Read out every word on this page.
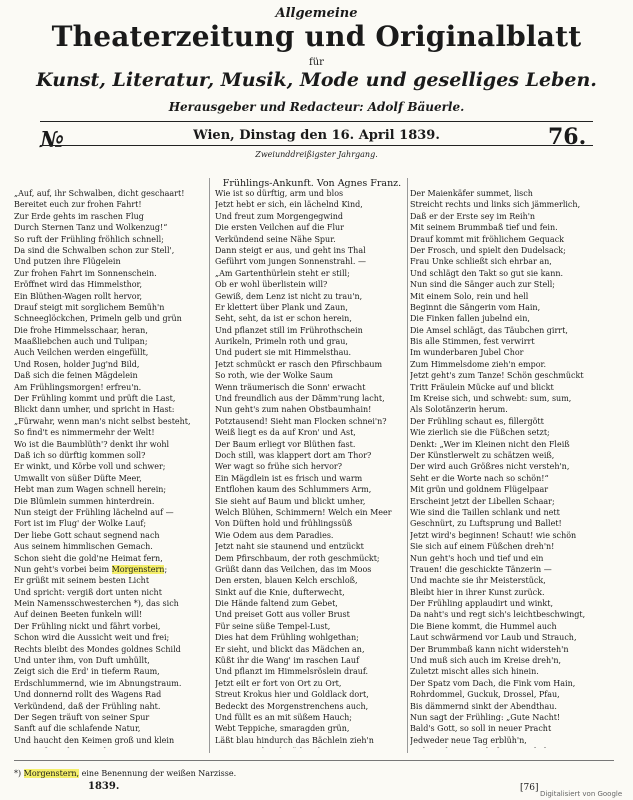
Allgemeine
Theaterzeitung und Originalblatt
für
Kunst, Literatur, Musik, Mode und geselliges Leben.
Herausgeber und Redacteur: Adolf Bäuerle.
№	Wien, Dinstag den 16. April 1839.	76.
Zweiunddreißigster Jahrgang.
Frühlings-Ankunft. Von Agnes Franz.
„Auf, auf, ihr Schwalben, dicht geschaart!
Bereitet euch zur frohen Fahrt!
Zur Erde gehts im raschen Flug
Durch Sternen Tanz und Wolkenzug!“
So ruft der Frühling fröhlich schnell;
Da sind die Schwalben schon zur Stell',
Und putzen ihre Flügelein
Zur frohen Fahrt im Sonnenschein.
Eröffnet wird das Himmelsthor,
Ein Blüthen-Wagen rollt hervor,
Drauf steigt mit sorglichem Bemüh'n
Schneeglöckchen, Primeln gelb und grün
Die frohe Himmelsschaar, heran,
Maaßliebchen auch und Tulipan;
Auch Veilchen werden eingefüllt,
Und Rosen, holder Jug'nd Bild,
Daß sich die feinen Mägdelein
Am Frühlingsmorgen! erfreu'n.
Der Frühling kommt und prüft die Last,
Blickt dann umher, und spricht in Hast:
„Fürwahr, wenn man's nicht selbst besteht,
So find't es nimmermehr der Welt!
Wo ist die Baumblüth'? denkt ihr wohl
Daß ich so dürftig kommen soll?
Er winkt, und Körbe voll und schwer;
Umwallt von süßer Düfte Meer,
Hebt man zum Wagen schnell herein;
Die Blümlein summen hinterdrein.
Nun steigt der Frühling lächelnd auf —
Fort ist im Flug' der Wolke Lauf;
Der liebe Gott schaut segnend nach
Aus seinem himmlischen Gemach.
Schon sieht die gold'ne Heimat fern,
Nun geht's vorbei beim Morgenstern;
Er grüßt mit seinem besten Licht
Und spricht: vergiß dort unten nicht
Mein Namensschwesterchen *), das sich
Auf deinen Beeten funkeln will!
Der Frühling nickt und fährt vorbei,
Schon wird die Aussicht weit und frei;
Rechts bleibt des Mondes goldnes Schild
Und unter ihm, von Duft umhüllt,
Zeigt sich die Erd' in tieferm Raum,
Erdschlummernd, wie im Abnungstraum.
Und donnernd rollt des Wagens Rad
Verkündend, daß der Frühling naht.
Der Segen träuft von seiner Spur
Sanft auf die schlafende Natur,
Und haucht den Keimen groß und klein
Wie ist so dürftig, arm und blos
Jetzt hebt er sich, ein lächelnd Kind,
Und freut zum Morgengegwind
Die ersten Veilchen auf die Flur
Verkündend seine Nähe Spur.
Dann steigt er aus, und geht ins Thal
Geführt vom jungen Sonnenstrahl. —
„Am Gartenthürlein steht er still;
Ob er wohl überlistein will?
Gewiß, dem Lenz ist nicht zu trau'n,
Er klettert über Plank und Zaun,
Seht, seht, da ist er schon herein,
Und pflanzet still im Frührothschein
Aurikeln, Primeln roth und grau,
Und pudert sie mit Himmelsthau.
Jetzt schmückt er rasch den Pfirschbaum
So roth, wie der Wolke Saum
Wenn träumerisch die Sonn' erwacht
Und freundlich aus der Dämm'rung lacht,
Nun geht's zum nahen Obstbaumhain!
Potztausend! Sieht man Flocken schnei'n?
Weiß liegt es da auf Kron' und Ast,
Der Baum erliegt vor Blüthen fast.
Doch still, was klappert dort am Thor?
Wer wagt so frühe sich hervor?
Ein Mägdlein ist es frisch und warm
Entflohen kaum des Schlummers Arm,
Sie sieht auf Baum und blickt umher,
Welch Blühen, Schimmern! Welch ein Meer
Von Düften hold und frühlingssüß
Wie Odem aus dem Paradies.
Jetzt naht sie staunend und entzückt
Dem Pfirschbaum, der roth geschmückt;
Grüßt dann das Veilchen, das im Moos
Den ersten, blauen Kelch erschloß,
Sinkt auf die Knie, dufterwecht,
Die Hände faltend zum Gebet,
Und preiset Gott aus voller Brust
Für seine süße Tempel-Lust,
Dies hat dem Frühling wohlgethan;
Er sieht, und blickt das Mädchen an,
Küßt ihr die Wang' im raschen Lauf
Und pflanzt im Himmelsröslein drauf.
Jetzt eilt er fort von Ort zu Ort,
Streut Krokus hier und Goldlack dort,
Bedeckt des Morgenstrenchens auch,
Und füllt es an mit süßem Hauch;
Webt Teppiche, smaragden grün,
Läßt blau hindurch das Bächlein zieh'n
Der Maienkäfer summet, lisch
Streicht rechts und links sich jämmerlich,
Daß er der Erste sey im Reih'n
Mit seinem Brummbaß tief und fein.
Drauf kommt mit fröhlichem Gequack
Der Frosch, und spielt den Dudelsack;
Frau Unke schließt sich ehrbar an,
Und schlägt den Takt so gut sie kann.
Nun sind die Sänger auch zur Stell;
Mit einem Solo, rein und hell
Beginnt die Sängerin vom Hain,
Die Finken fallen jubelnd ein,
Die Amsel schlägt, das Täubchen girrt,
Bis alle Stimmen, fest verwirrt
Im wunderbaren Jubel Chor
Zum Himmelsdome zieh'n empor.
Jetzt geht's zum Tanze! Schön geschmückt
Tritt Fräulein Mücke auf und blickt
Im Kreise sich, und schwebt: sum, sum,
Als Solotänzerin herum.
Der Frühling schaut es, fillergött
Wie zierlich sie die Füßchen setzt;
Denkt: „Wer im Kleinen nicht den Fleiß
Der Künstlerwelt zu schätzen weiß,
Der wird auch Größres nicht versteh'n,
Seht er die Worte nach so schön!“
Mit grün und goldnem Flügelpaar
Erscheint jetzt der Libellen Schaar;
Wie sind die Taillen schlank und nett
Geschnürt, zu Luftsprung und Ballet!
Jetzt wird's beginnen! Schaut! wie schön
Sie sich auf einem Füßchen dreh'n!
Nun geht's hoch und tief und ein
Trauen! die geschickte Tänzerin —
Und machte sie ihr Meisterstück,
Bleibt hier in ihrer Kunst zurück.
Der Frühling applaudirt und winkt,
Da naht's und regt sich's leichtbeschwingt,
Die Biene kommt, die Hummel auch
Laut schwärmend vor Laub und Strauch,
Der Brummbaß kann nicht widersteh'n
Und muß sich auch im Kreise dreh'n,
Zuletzt mischt alles sich hinein.
Der Spatz vom Dach, die Fink vom Hain,
Rohrdommel, Guckuk, Drossel, Pfau,
Bis dämmernd sinkt der Abendthau.
Nun sagt der Frühling: „Gute Nacht!
Bald's Gott, so soll in neuer Pracht
Jedweder neue Tag erblüh'n,
*) Morgenstern, eine Benennung der weißen Narzisse.
1839.	[76]
Digitalisiert von Google
